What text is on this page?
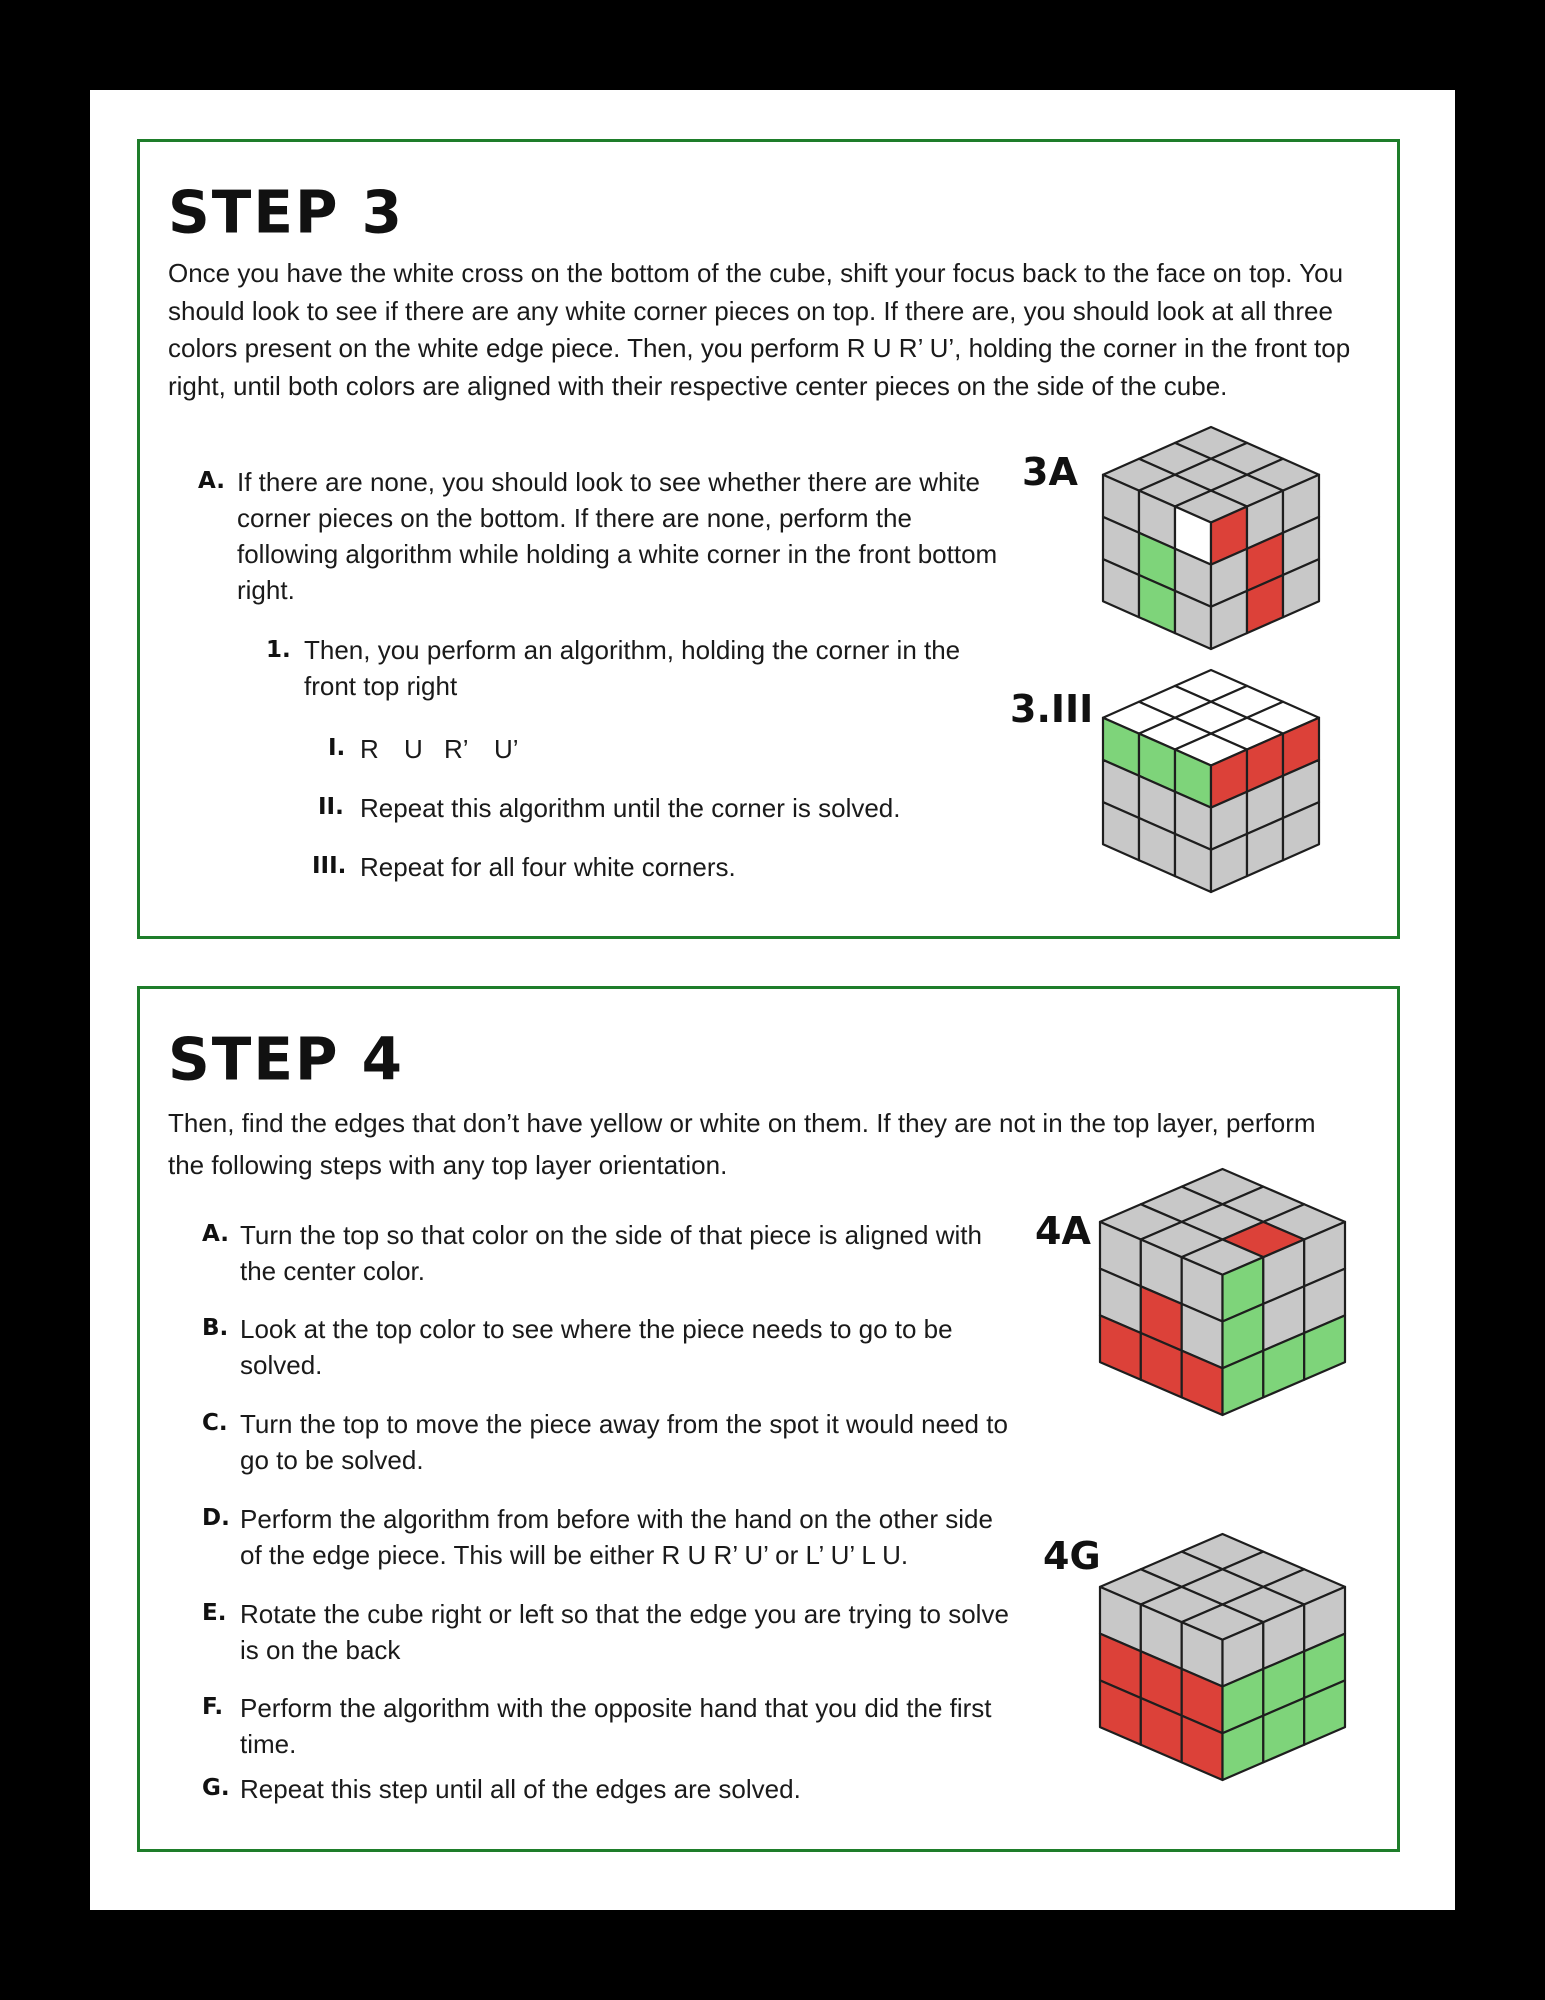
STEP 3

Once you have the white cross on the bottom of the cube, shift your focus back to the face on top. You should look to see if there are any white corner pieces on top. If there are, you should look at all three colors present on the white edge piece. Then, you perform R U R’ U’, holding the corner in the front top right, until both colors are aligned with their respective center pieces on the side of the cube.

A. If there are none, you should look to see whether there are white corner pieces on the bottom. If there are none, perform the following algorithm while holding a white corner in the front bottom right.
1. Then, you perform an algorithm, holding the corner in the front top right
I. R U R’ U’
II. Repeat this algorithm until the corner is solved.
III. Repeat for all four white corners.
3A
3.III
STEP 4

Then, find the edges that don’t have yellow or white on them. If they are not in the top layer, perform the following steps with any top layer orientation.

A. Turn the top so that color on the side of that piece is aligned with the center color.
B. Look at the top color to see where the piece needs to go to be solved.
C. Turn the top to move the piece away from the spot it would need to go to be solved.
D. Perform the algorithm from before with the hand on the other side of the edge piece. This will be either R U R’ U’ or L’ U’ L U.
E. Rotate the cube right or left so that the edge you are trying to solve is on the back
F. Perform the algorithm with the opposite hand that you did the first time.
G. Repeat this step until all of the edges are solved.
4A
4G
